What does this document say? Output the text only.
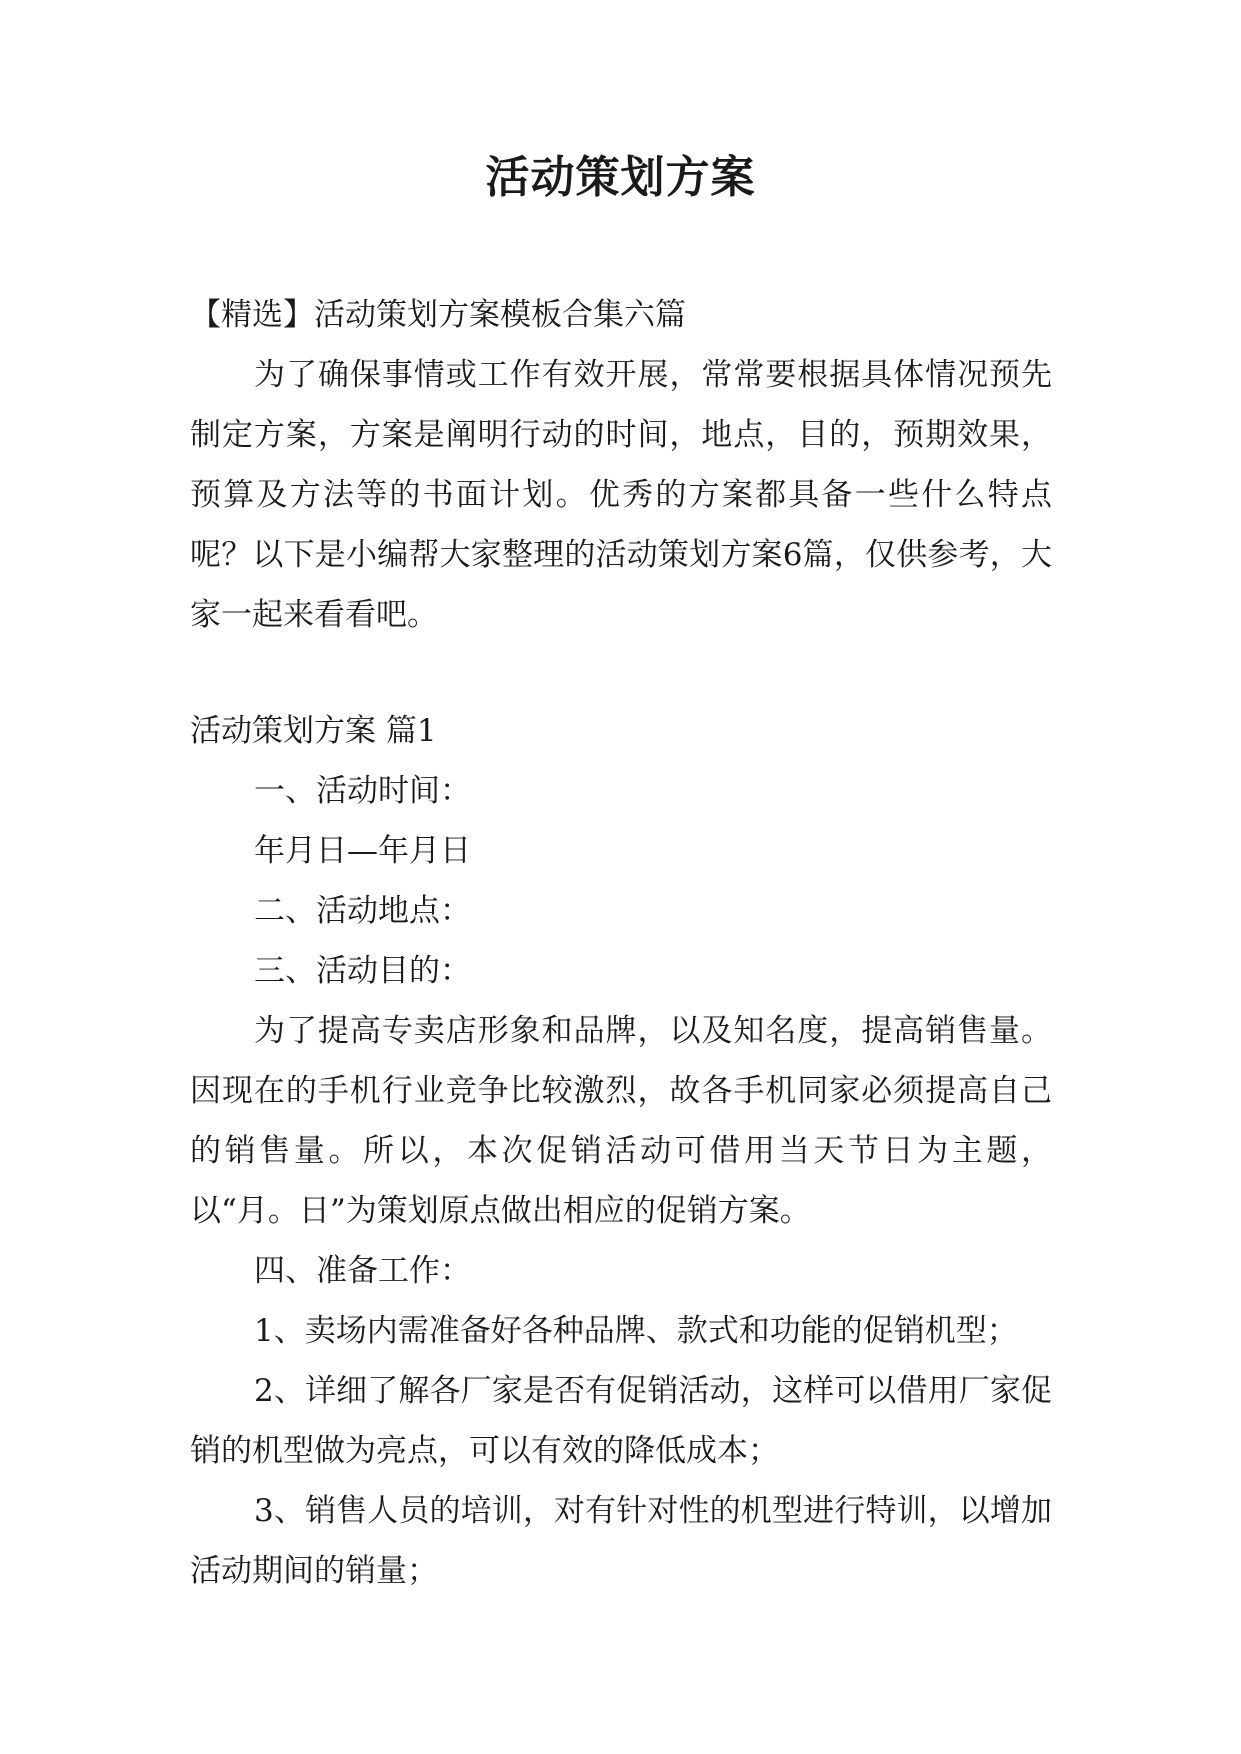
活动策划方案

【精选】活动策划方案模板合集六篇

为了确保事情或工作有效开展，常常要根据具体情况预先制定方案，方案是阐明行动的时间，地点，目的，预期效果，预算及方法等的书面计划。优秀的方案都具备一些什么特点呢？以下是小编帮大家整理的活动策划方案6篇，仅供参考，大家一起来看看吧。

活动策划方案 篇1

一、活动时间：

年月日—年月日

二、活动地点：

三、活动目的：

为了提高专卖店形象和品牌，以及知名度，提高销售量。因现在的手机行业竞争比较激烈，故各手机同家必须提高自己的销售量。所以，本次促销活动可借用当天节日为主题，以“月。日”为策划原点做出相应的促销方案。

四、准备工作：

1、卖场内需准备好各种品牌、款式和功能的促销机型；

2、详细了解各厂家是否有促销活动，这样可以借用厂家促销的机型做为亮点，可以有效的降低成本；

3、销售人员的培训，对有针对性的机型进行特训，以增加活动期间的销量；
